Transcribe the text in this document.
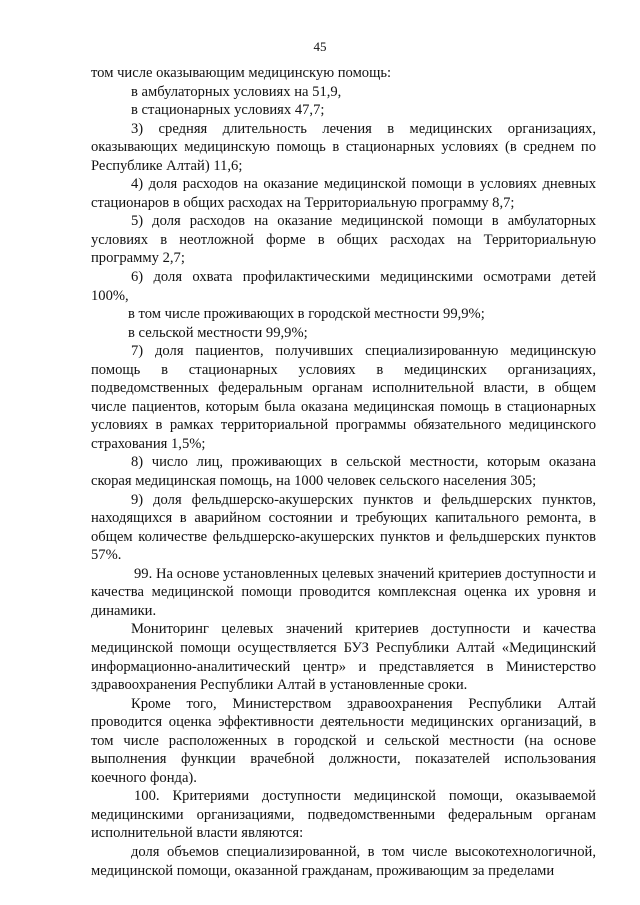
45

том числе оказывающим медицинскую помощь:

в амбулаторных условиях на 51,9,

в стационарных условиях 47,7;

3) средняя длительность лечения в медицинских организациях, оказывающих медицинскую помощь в стационарных условиях (в среднем по Республике Алтай) 11,6;

4) доля расходов на оказание медицинской помощи в условиях дневных стационаров в общих расходах на Территориальную программу 8,7;

5) доля расходов на оказание медицинской помощи в амбулаторных условиях в неотложной форме в общих расходах на Территориальную программу 2,7;

6) доля охвата профилактическими медицинскими осмотрами детей 100%,

в том числе проживающих в городской местности 99,9%;

в сельской местности 99,9%;

7) доля пациентов, получивших специализированную медицинскую помощь в стационарных условиях в медицинских организациях, подведомственных федеральным органам исполнительной власти, в общем числе пациентов, которым была оказана медицинская помощь в стационарных условиях в рамках территориальной программы обязательного медицинского страхования 1,5%;

8) число лиц, проживающих в сельской местности, которым оказана скорая медицинская помощь, на 1000 человек сельского населения 305;

9) доля фельдшерско-акушерских пунктов и фельдшерских пунктов, находящихся в аварийном состоянии и требующих капитального ремонта, в общем количестве фельдшерско-акушерских пунктов и фельдшерских пунктов 57%.

99. На основе установленных целевых значений критериев доступности и качества медицинской помощи проводится комплексная оценка их уровня и динамики.

Мониторинг целевых значений критериев доступности и качества медицинской помощи осуществляется БУЗ Республики Алтай «Медицинский информационно-аналитический центр» и представляется в Министерство здравоохранения Республики Алтай в установленные сроки.

Кроме того, Министерством здравоохранения Республики Алтай проводится оценка эффективности деятельности медицинских организаций, в том числе расположенных в городской и сельской местности (на основе выполнения функции врачебной должности, показателей использования коечного фонда).

100. Критериями доступности медицинской помощи, оказываемой медицинскими организациями, подведомственными федеральным органам исполнительной власти являются:

доля объемов специализированной, в том числе высокотехнологичной, медицинской помощи, оказанной гражданам, проживающим за пределами
